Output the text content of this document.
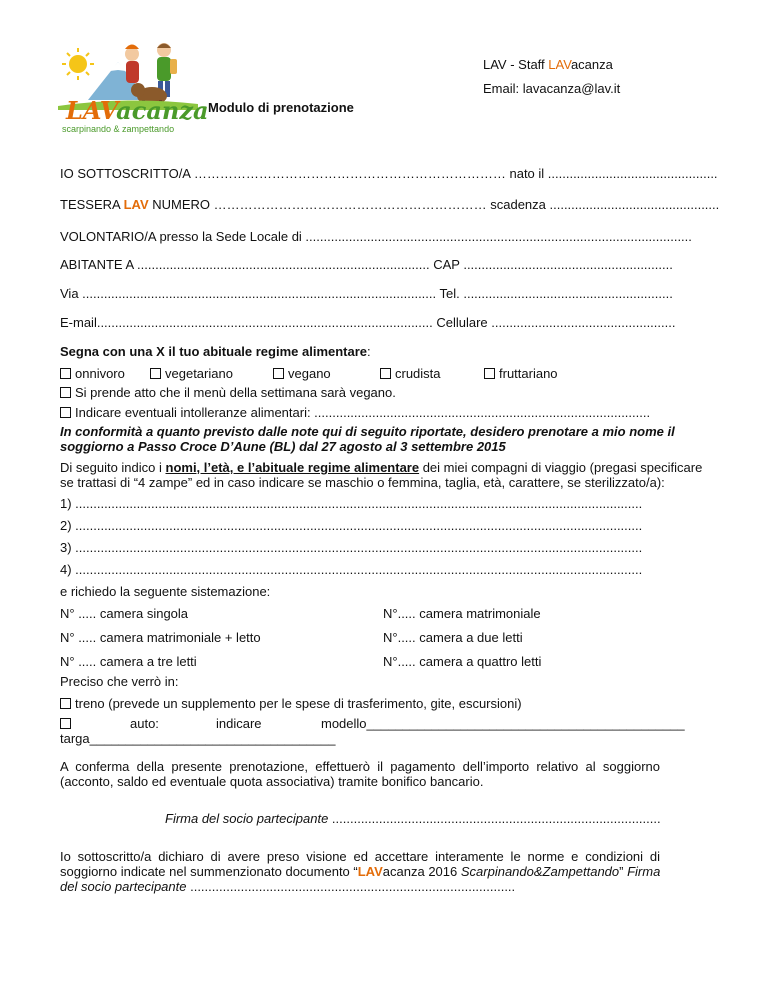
LAVacanza
scarpinando & zampettando
LAV - Staff LAVacanza
Email: lavacanza@lav.it
Modulo di prenotazione
IO SOTTOSCRITTO/A ……………………………………………………………… nato il ...............................................
TESSERA LAV NUMERO ……………………………………………………… scadenza ...............................................
VOLONTARIO/A presso la Sede Locale di ...........................................................................................................
ABITANTE A ................................................................................. CAP ..........................................................
Via .................................................................................................. Tel. ..........................................................
E-mail............................................................................................. Cellulare ...................................................
Segna con una X il tuo abituale regime alimentare:
onnivoro	vegetariano	vegano	crudista	fruttariano
Si prende atto che il menù della settimana sarà vegano.
Indicare eventuali intolleranze alimentari: .............................................................................................
In conformità a quanto previsto dalle note qui di seguito riportate, desidero prenotare a mio nome il
soggiorno a Passo Croce D’Aune (BL) dal 27 agosto al 3 settembre 2015
Di seguito indico i nomi, l’età, e l’abituale regime alimentare dei miei compagni di viaggio (pregasi specificare
se trattasi di “4 zampe” ed in caso indicare se maschio o femmina, taglia, età, carattere, se sterilizzato/a):
1) .............................................................................................................................................................
2) .............................................................................................................................................................
3) .............................................................................................................................................................
4) .............................................................................................................................................................
e richiedo la seguente sistemazione:
N° ..... camera singola	N°..... camera matrimoniale
N° ..... camera matrimoniale + letto	N°..... camera a due letti
N° ..... camera a tre letti	N°..... camera a quattro letti
Preciso che verrò in:
treno (prevede un supplemento per le spese di trasferimento, gite, escursioni)
auto:	indicare	modello____________________________________________
targa__________________________________
A conferma della presente prenotazione, effettuerò il pagamento dell’importo relativo al soggiorno
(acconto, saldo ed eventuale quota associativa) tramite bonifico bancario.
Firma del socio partecipante ...........................................................................................
Io sottoscritto/a dichiaro di avere preso visione ed accettare interamente le norme e condizioni di
soggiorno indicate nel summenzionato documento “LAVacanza 2016 Scarpinando&Zampettando” Firma
del socio partecipante ..........................................................................................
